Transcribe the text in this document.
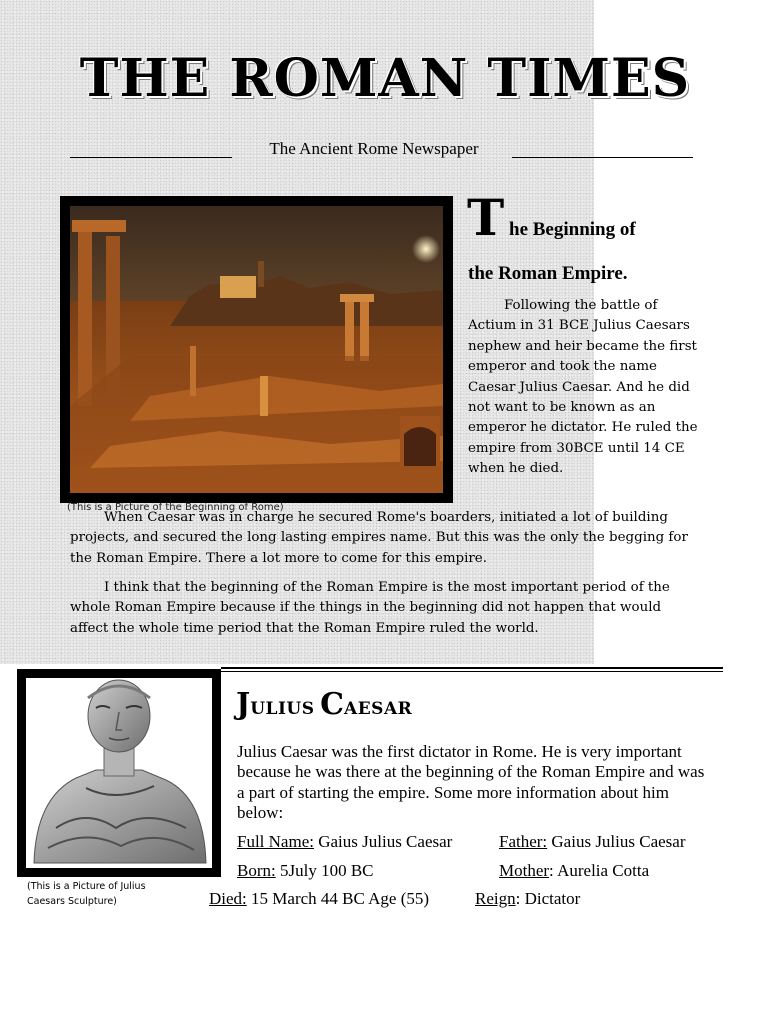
THE ROMAN TIMES
The Ancient Rome Newspaper
(This is a Picture of the Beginning of Rome)
T he Beginning of
the Roman Empire.
Following the battle of Actium in 31 BCE Julius Caesars nephew and heir became the first emperor and took the name Caesar Julius Caesar. And he did not want to be known as an emperor he dictator. He ruled the empire from 30BCE until 14 CE when he died.
When Caesar was in charge he secured Rome's boarders, initiated a lot of building projects, and secured the long lasting empires name. But this was the only the begging for the Roman Empire. There a lot more to come for this empire.
I think that the beginning of the Roman Empire is the most important period of the whole Roman Empire because if the things in the beginning did not happen that would affect the whole time period that the Roman Empire ruled the world.
(This is a Picture of Julius
Caesars Sculpture)
JULIUS CAESAR
Julius Caesar was the first dictator in Rome. He is very important because he was there at the beginning of the Roman Empire and was a part of starting the empire. Some more information about him below:
Full Name: Gaius Julius Caesar	Father: Gaius Julius Caesar
Born: 5July 100 BC	Mother: Aurelia Cotta
Died: 15 March 44 BC Age (55)	Reign: Dictator
